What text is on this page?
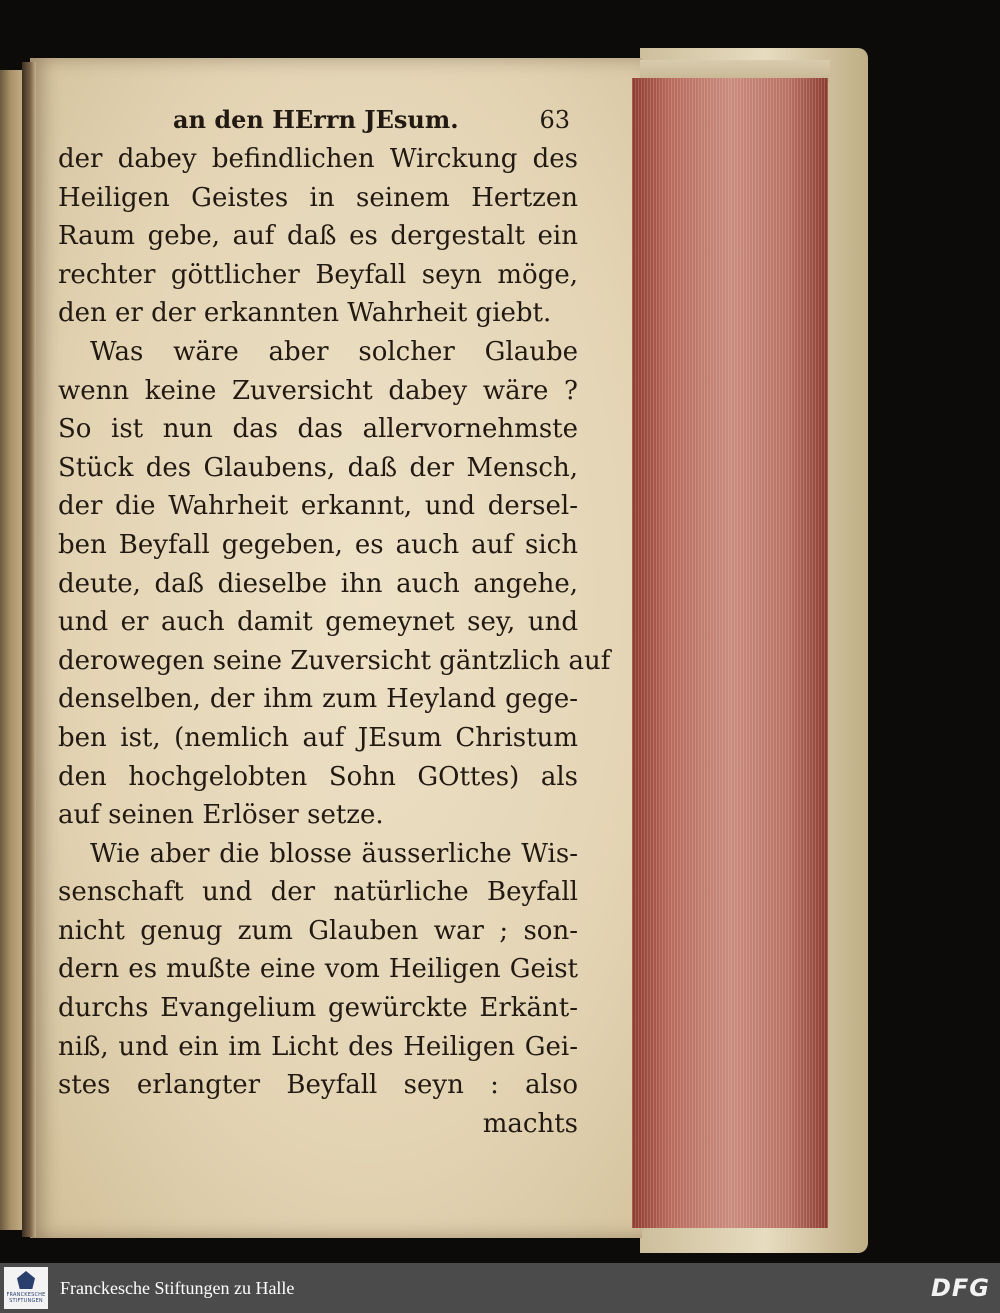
an den HErrn JEsum.	63
der dabey befindlichen Wirckung des
Heiligen Geistes in seinem Hertzen
Raum gebe, auf daß es dergestalt ein
rechter göttlicher Beyfall seyn möge,
den er der erkannten Wahrheit giebt.
Was wäre aber solcher Glaube
wenn keine Zuversicht dabey wäre ?
So ist nun das das allervornehmste
Stück des Glaubens, daß der Mensch,
der die Wahrheit erkannt, und dersel-
ben Beyfall gegeben, es auch auf sich
deute, daß dieselbe ihn auch angehe,
und er auch damit gemeynet sey, und
derowegen seine Zuversicht gäntzlich auf
denselben, der ihm zum Heyland gege-
ben ist, (nemlich auf JEsum Christum
den hochgelobten Sohn GOttes) als
auf seinen Erlöser setze.
Wie aber die blosse äusserliche Wis-
senschaft und der natürliche Beyfall
nicht genug zum Glauben war ; son-
dern es mußte eine vom Heiligen Geist
durchs Evangelium gewürckte Erkänt-
niß, und ein im Licht des Heiligen Gei-
stes erlangter Beyfall seyn : also
machts
FRANCKESCHE STIFTUNGEN
Franckesche Stiftungen zu Halle	DFG
